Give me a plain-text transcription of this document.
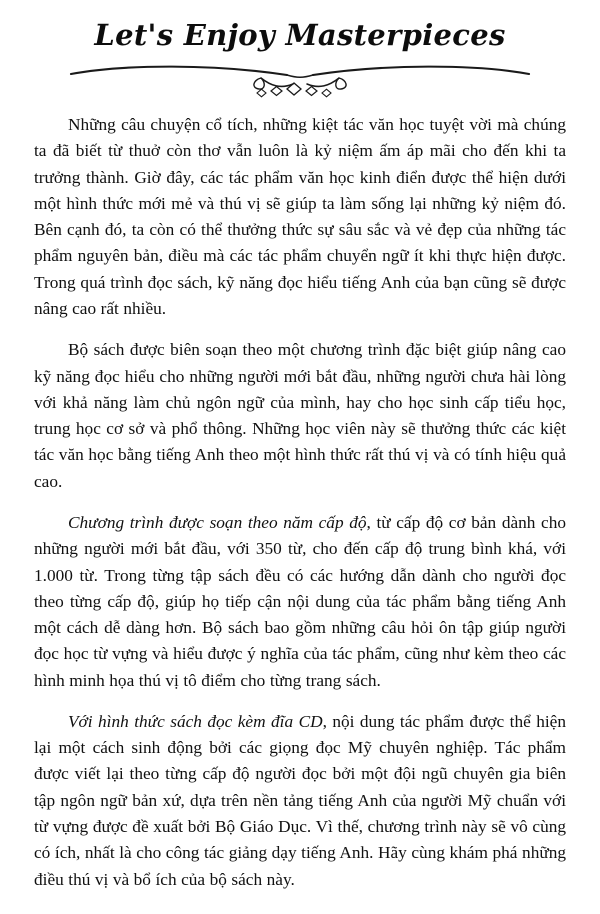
Let's Enjoy Masterpieces

Những câu chuyện cổ tích, những kiệt tác văn học tuyệt vời mà chúng ta đã biết từ thuở còn thơ vẫn luôn là kỷ niệm ấm áp mãi cho đến khi ta trưởng thành. Giờ đây, các tác phẩm văn học kinh điển được thể hiện dưới một hình thức mới mẻ và thú vị sẽ giúp ta làm sống lại những kỷ niệm đó. Bên cạnh đó, ta còn có thể thưởng thức sự sâu sắc và vẻ đẹp của những tác phẩm nguyên bản, điều mà các tác phẩm chuyển ngữ ít khi thực hiện được. Trong quá trình đọc sách, kỹ năng đọc hiểu tiếng Anh của bạn cũng sẽ được nâng cao rất nhiều.

Bộ sách được biên soạn theo một chương trình đặc biệt giúp nâng cao kỹ năng đọc hiểu cho những người mới bắt đầu, những người chưa hài lòng với khả năng làm chủ ngôn ngữ của mình, hay cho học sinh cấp tiểu học, trung học cơ sở và phổ thông. Những học viên này sẽ thưởng thức các kiệt tác văn học bằng tiếng Anh theo một hình thức rất thú vị và có tính hiệu quả cao.

Chương trình được soạn theo năm cấp độ, từ cấp độ cơ bản dành cho những người mới bắt đầu, với 350 từ, cho đến cấp độ trung bình khá, với 1.000 từ. Trong từng tập sách đều có các hướng dẫn dành cho người đọc theo từng cấp độ, giúp họ tiếp cận nội dung của tác phẩm bằng tiếng Anh một cách dễ dàng hơn. Bộ sách bao gồm những câu hỏi ôn tập giúp người đọc học từ vựng và hiểu được ý nghĩa của tác phẩm, cũng như kèm theo các hình minh họa thú vị tô điểm cho từng trang sách.

Với hình thức sách đọc kèm đĩa CD, nội dung tác phẩm được thể hiện lại một cách sinh động bởi các giọng đọc Mỹ chuyên nghiệp. Tác phẩm được viết lại theo từng cấp độ người đọc bởi một đội ngũ chuyên gia biên tập ngôn ngữ bản xứ, dựa trên nền tảng tiếng Anh của người Mỹ chuẩn với từ vựng được đề xuất bởi Bộ Giáo Dục. Vì thế, chương trình này sẽ vô cùng có ích, nhất là cho công tác giảng dạy tiếng Anh. Hãy cùng khám phá những điều thú vị và bổ ích của bộ sách này.
